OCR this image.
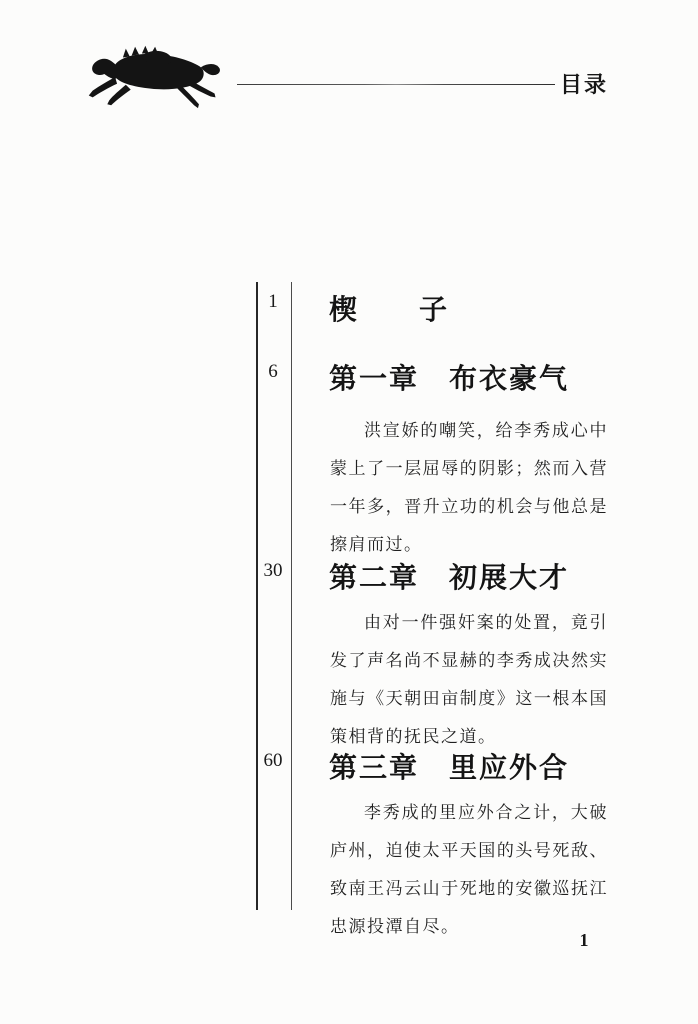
目录
1	楔　　子
6	第一章　布衣豪气
洪宣娇的嘲笑，给李秀成心中蒙上了一层屈辱的阴影；然而入营一年多，晋升立功的机会与他总是擦肩而过。
30	第二章　初展大才
由对一件强奸案的处置，竟引发了声名尚不显赫的李秀成决然实施与《天朝田亩制度》这一根本国策相背的抚民之道。
60	第三章　里应外合
李秀成的里应外合之计，大破庐州，迫使太平天国的头号死敌、致南王冯云山于死地的安徽巡抚江忠源投潭自尽。
1
